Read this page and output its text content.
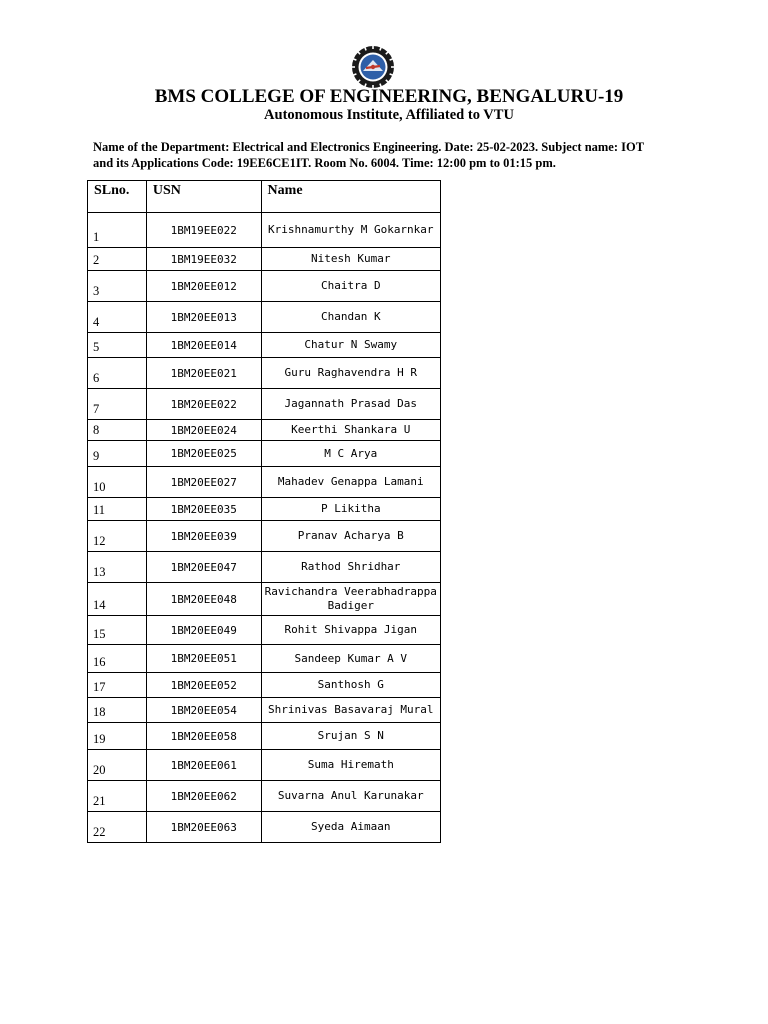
BMS COLLEGE OF ENGINEERING, BENGALURU-19
Autonomous Institute, Affiliated to VTU
Name of the Department: Electrical and Electronics Engineering. Date: 25-02-2023. Subject name: IOT
and its Applications Code: 19EE6CE1IT. Room No. 6004. Time: 12:00 pm to 01:15 pm.
SLno.	USN	Name
1	1BM19EE022	Krishnamurthy M Gokarnkar
2	1BM19EE032	Nitesh Kumar
3	1BM20EE012	Chaitra D
4	1BM20EE013	Chandan K
5	1BM20EE014	Chatur N Swamy
6	1BM20EE021	Guru Raghavendra H R
7	1BM20EE022	Jagannath Prasad Das
8	1BM20EE024	Keerthi Shankara U
9	1BM20EE025	M C Arya
10	1BM20EE027	Mahadev Genappa Lamani
11	1BM20EE035	P Likitha
12	1BM20EE039	Pranav Acharya B
13	1BM20EE047	Rathod Shridhar
14	1BM20EE048	Ravichandra Veerabhadrappa Badiger
15	1BM20EE049	Rohit Shivappa Jigan
16	1BM20EE051	Sandeep Kumar A V
17	1BM20EE052	Santhosh G
18	1BM20EE054	Shrinivas Basavaraj Mural
19	1BM20EE058	Srujan S N
20	1BM20EE061	Suma Hiremath
21	1BM20EE062	Suvarna Anul Karunakar
22	1BM20EE063	Syeda Aimaan
